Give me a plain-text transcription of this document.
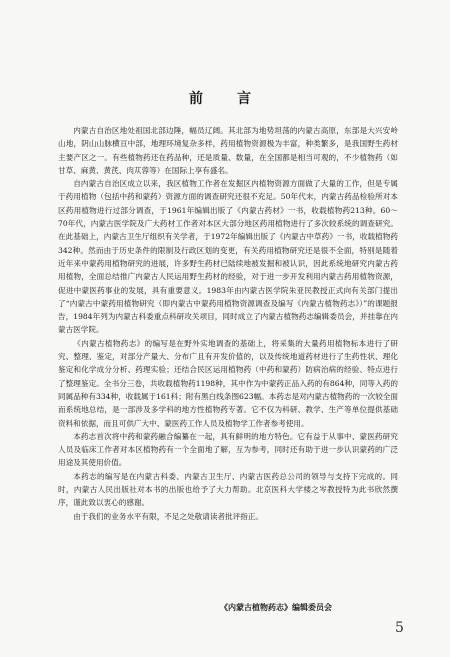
前　言

内蒙古自治区地处祖国北部边陲，幅员辽阔。其北部为地势坦荡的内蒙古高原，东部是大兴安岭山地，阴山山脉横亘中部，地理环境复杂多样，药用植物资源极为丰富，种类繁多，是我国野生药材主要产区之一。有些植物药还在药品种，还是质量、数量，在全国都是相当可观的，不少植物药（如甘草、麻黄、黄芪、肉苁蓉等）在国际上享有盛名。

自内蒙古自治区成立以来，我区植物工作者在发掘区内植物资源方面做了大量的工作，但是专属于药用植物（包括中药和蒙药）资源方面的调查研究还很不充足。50年代末，内蒙古药品检验所对本区药用植物进行过部分调查，于1961年编辑出版了《内蒙古药材》一书，收载植物药213种。60～70年代，内蒙古医学院及广大药材工作者对本区大部分地区药用植物进行了多次较系统的调查研究。在此基础上，内蒙古卫生厅组织有关学者，于1972年编辑出版了《内蒙古中草药》一书，收载植物药342种。然而由于历史条件的限制及行政区划的变更，有关药用植物研究还是很不全面，特别是随着近年来中蒙药用植物研究的进展，许多野生药材已陆续地被发掘和被认识，因此系统地研究内蒙古药用植物，全面总结推广内蒙古人民运用野生药材的经验，对于进一步开发利用内蒙古药用植物资源，促进中蒙医药事业的发展，具有重要意义。1983年由内蒙古医学院朱亚民教授正式向有关部门提出了“内蒙古中蒙药用植物研究（即内蒙古中蒙药用植物资源调查及编写《内蒙古植物药志》）”的课题报告，1984年列为内蒙古科委重点科研攻关项目，同时成立了内蒙古植物药志编辑委员会，并挂靠在内蒙古医学院。

《内蒙古植物药志》的编写是在野外实地调查的基础上，将采集的大量药用植物标本进行了研究、整理、鉴定，对部分产量大、分布广且有开发价值的，以及传统地道药材进行了生药性状、理化鉴定和化学成分分析、药理实验；还结合民区运用植物药（中药和蒙药）防病治病的经验、特点进行了整理鉴定。全书分三卷，共收载植物药1198种，其中作为中蒙药正品入药的有864种，同等入药的同属品种有334种，收载属于161科；附有黑白线条图623幅。本药志是对内蒙古植物药的一次较全面而系统地总结，是一部涉及多学科的地方性植物药专著。它不仅为科研、教学、生产等单位提供基础资料和依据，而且可供广大中、蒙医药工作人员及植物学工作者参考使用。

本药志首次将中药和蒙药融合编纂在一起，具有鲜明的地方特色。它有益于从事中、蒙医药研究人员及临床工作者对本区植物药有一个全面地了解，互为参考，同时还有助于进一步认识蒙药的广泛用途及其使用价值。

本药志的编写是在内蒙古科委、内蒙古卫生厅、内蒙古医药总公司的领导与支持下完成的。同时，内蒙古人民出版社对本书的出版也给予了大力帮助。北京医科大学楼之岑教授特为此书欣然撰序，谨此致以衷心的感谢。

由于我们的业务水平有限，不足之处敬请读者批评指正。

《内蒙古植物药志》编辑委员会
5
